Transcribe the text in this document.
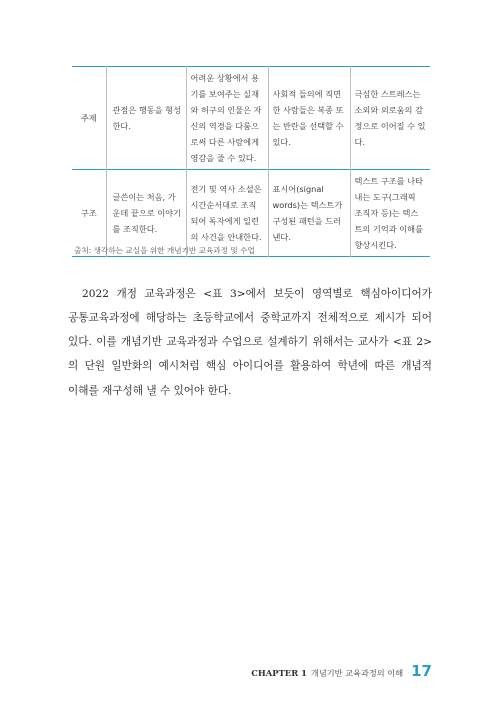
주제	관점은 행동을 형성한다.	어려운 상황에서 용기를 보여주는 실재와 허구의 인물은 자신의 역경을 다룸으로써 다른 사람에게 영감을 줄 수 있다.	사회적 들의에 직면한 사람들은 복종 또는 반란을 선택할 수 있다.	극심한 스트레스는 소외와 외로움의 감정으로 이어질 수 있다.
구조	글쓴이는 처음, 가운데 끝으로 이야기를 조직한다.	전기 및 역사 소설은 시간순서대로 조직되어 독자에게 일련의 사건을 안내한다.	표시어(signal words)는 텍스트가 구성된 패턴을 드러낸다.	텍스트 구조를 나타내는 도구(그래픽 조직자 등)는 텍스트의 기억과 이해를 향상시킨다.
출처: 생각하는 교실을 위한 개념기반 교육과정 및 수업

2022 개정 교육과정은 <표 3>에서 보듯이 영역별로 핵심아이디어가 공통교육과정에 해당하는 초등학교에서 중학교까지 전체적으로 제시가 되어 있다. 이를 개념기반 교육과정과 수업으로 설계하기 위해서는 교사가 <표 2>의 단원 일반화의 예시처럼 핵심 아이디어를 활용하여 학년에 따른 개념적 이해를 재구성해 낼 수 있어야 한다.

CHAPTER 1 개념기반 교육과정의 이해 17
